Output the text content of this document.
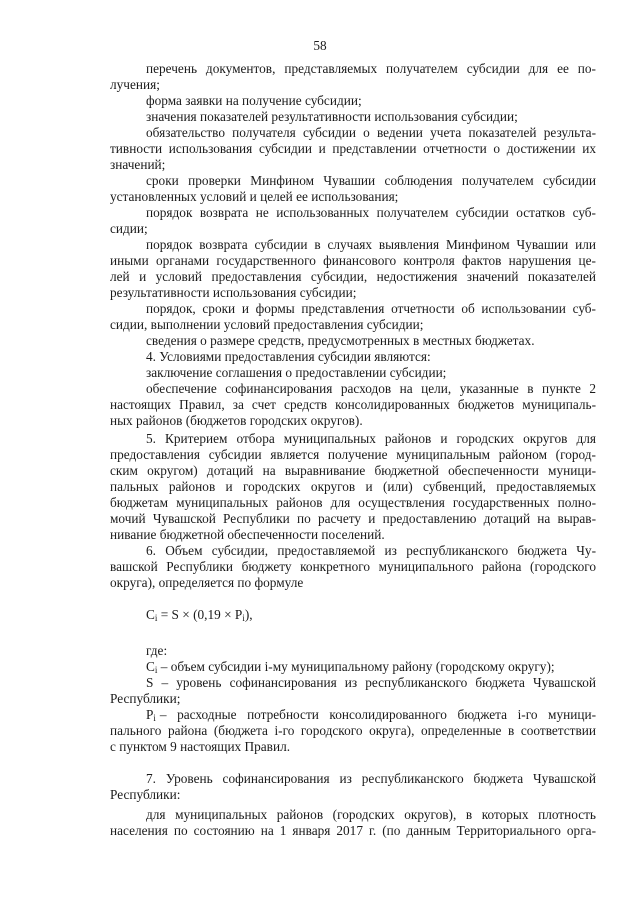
58
перечень документов, представляемых получателем субсидии для ее по-
лучения;
форма заявки на получение субсидии;
значения показателей результативности использования субсидии;
обязательство получателя субсидии о ведении учета показателей результа-
тивности использования субсидии и представлении отчетности о достижении их
значений;
сроки проверки Минфином Чувашии соблюдения получателем субсидии
установленных условий и целей ее использования;
порядок возврата не использованных получателем субсидии остатков суб-
сидии;
порядок возврата субсидии в случаях выявления Минфином Чувашии или
иными органами государственного финансового контроля фактов нарушения це-
лей и условий предоставления субсидии, недостижения значений показателей
результативности использования субсидии;
порядок, сроки и формы представления отчетности об использовании суб-
сидии, выполнении условий предоставления субсидии;
сведения о размере средств, предусмотренных в местных бюджетах.
4. Условиями предоставления субсидии являются:
заключение соглашения о предоставлении субсидии;
обеспечение софинансирования расходов на цели, указанные в пункте 2
настоящих Правил, за счет средств консолидированных бюджетов муниципаль-
ных районов (бюджетов городских округов).
5. Критерием отбора муниципальных районов и городских округов для
предоставления субсидии является получение муниципальным районом (город-
ским округом) дотаций на выравнивание бюджетной обеспеченности муници-
пальных районов и городских округов и (или) субвенций, предоставляемых
бюджетам муниципальных районов для осуществления государственных полно-
мочий Чувашской Республики по расчету и предоставлению дотаций на вырав-
нивание бюджетной обеспеченности поселений.
6. Объем субсидии, предоставляемой из республиканского бюджета Чу-
вашской Республики бюджету конкретного муниципального района (городского
округа), определяется по формуле
$C_i = S \times (0,19 \times P_i)$,
где:
$C_i$ – объем субсидии i-му муниципальному району (городскому округу);
S – уровень софинансирования из республиканского бюджета Чувашской
Республики;
$P_i$ – расходные потребности консолидированного бюджета i-го муници-
пального района (бюджета i-го городского округа), определенные в соответствии
с пунктом 9 настоящих Правил.
7. Уровень софинансирования из республиканского бюджета Чувашской
Республики:
для муниципальных районов (городских округов), в которых плотность
населения по состоянию на 1 января 2017 г. (по данным Территориального орга-
